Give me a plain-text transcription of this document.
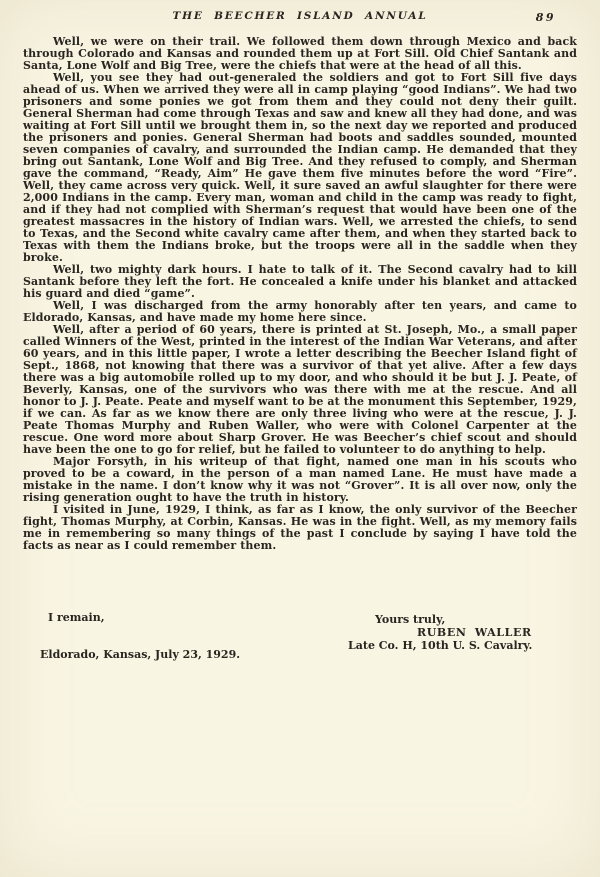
THE BEECHER ISLAND ANNUAL	89

Well, we were on their trail. We followed them down through Mexico and back through Colorado and Kansas and rounded them up at Fort Sill. Old Chief Santank and Santa, Lone Wolf and Big Tree, were the chiefs that were at the head of all this.

Well, you see they had out-generaled the soldiers and got to Fort Sill five days ahead of us. When we arrived they were all in camp playing “good Indians”. We had two prisoners and some ponies we got from them and they could not deny their guilt. General Sherman had come through Texas and saw and knew all they had done, and was waiting at Fort Sill until we brought them in, so the next day we reported and produced the prisoners and ponies. General Sherman had boots and saddles sounded, mounted seven companies of cavalry, and surrounded the Indian camp. He demanded that they bring out Santank, Lone Wolf and Big Tree. And they refused to comply, and Sherman gave the command, “Ready, Aim” He gave them five minutes before the word “Fire”. Well, they came across very quick. Well, it sure saved an awful slaughter for there were 2,000 Indians in the camp. Every man, woman and child in the camp was ready to fight, and if they had not complied with Sherman’s request that would have been one of the greatest massacres in the history of Indian wars. Well, we arrested the chiefs, to send to Texas, and the Second white cavalry came after them, and when they started back to Texas with them the Indians broke, but the troops were all in the saddle when they broke.

Well, two mighty dark hours. I hate to talk of it. The Second cavalry had to kill Santank before they left the fort. He concealed a knife under his blanket and attacked his guard and died “game”.

Well, I was discharged from the army honorably after ten years, and came to Eldorado, Kansas, and have made my home here since.

Well, after a period of 60 years, there is printed at St. Joseph, Mo., a small paper called Winners of the West, printed in the interest of the Indian War Veterans, and after 60 years, and in this little paper, I wrote a letter describing the Beecher Island fight of Sept., 1868, not knowing that there was a survivor of that yet alive. After a few days there was a big automobile rolled up to my door, and who should it be but J. J. Peate, of Beverly, Kansas, one of the survivors who was there with me at the rescue. And all honor to J. J. Peate. Peate and myself want to be at the monument this September, 1929, if we can. As far as we know there are only three living who were at the rescue, J. J. Peate Thomas Murphy and Ruben Waller, who were with Colonel Carpenter at the rescue. One word more about Sharp Grover. He was Beecher’s chief scout and should have been the one to go for relief, but he failed to volunteer to do anything to help.

Major Forsyth, in his writeup of that fight, named one man in his scouts who proved to be a coward, in the person of a man named Lane. He must have made a mistake in the name. I don’t know why it was not “Grover”. It is all over now, only the rising generation ought to have the truth in history.

I visited in June, 1929, I think, as far as I know, the only survivor of the Beecher fight, Thomas Murphy, at Corbin, Kansas. He was in the fight. Well, as my memory fails me in remembering so many things of the past I conclude by saying I have told the facts as near as I could remember them.

I remain,	Yours truly,
RUBEN WALLER
Late Co. H, 10th U. S. Cavalry.
Eldorado, Kansas, July 23, 1929.
